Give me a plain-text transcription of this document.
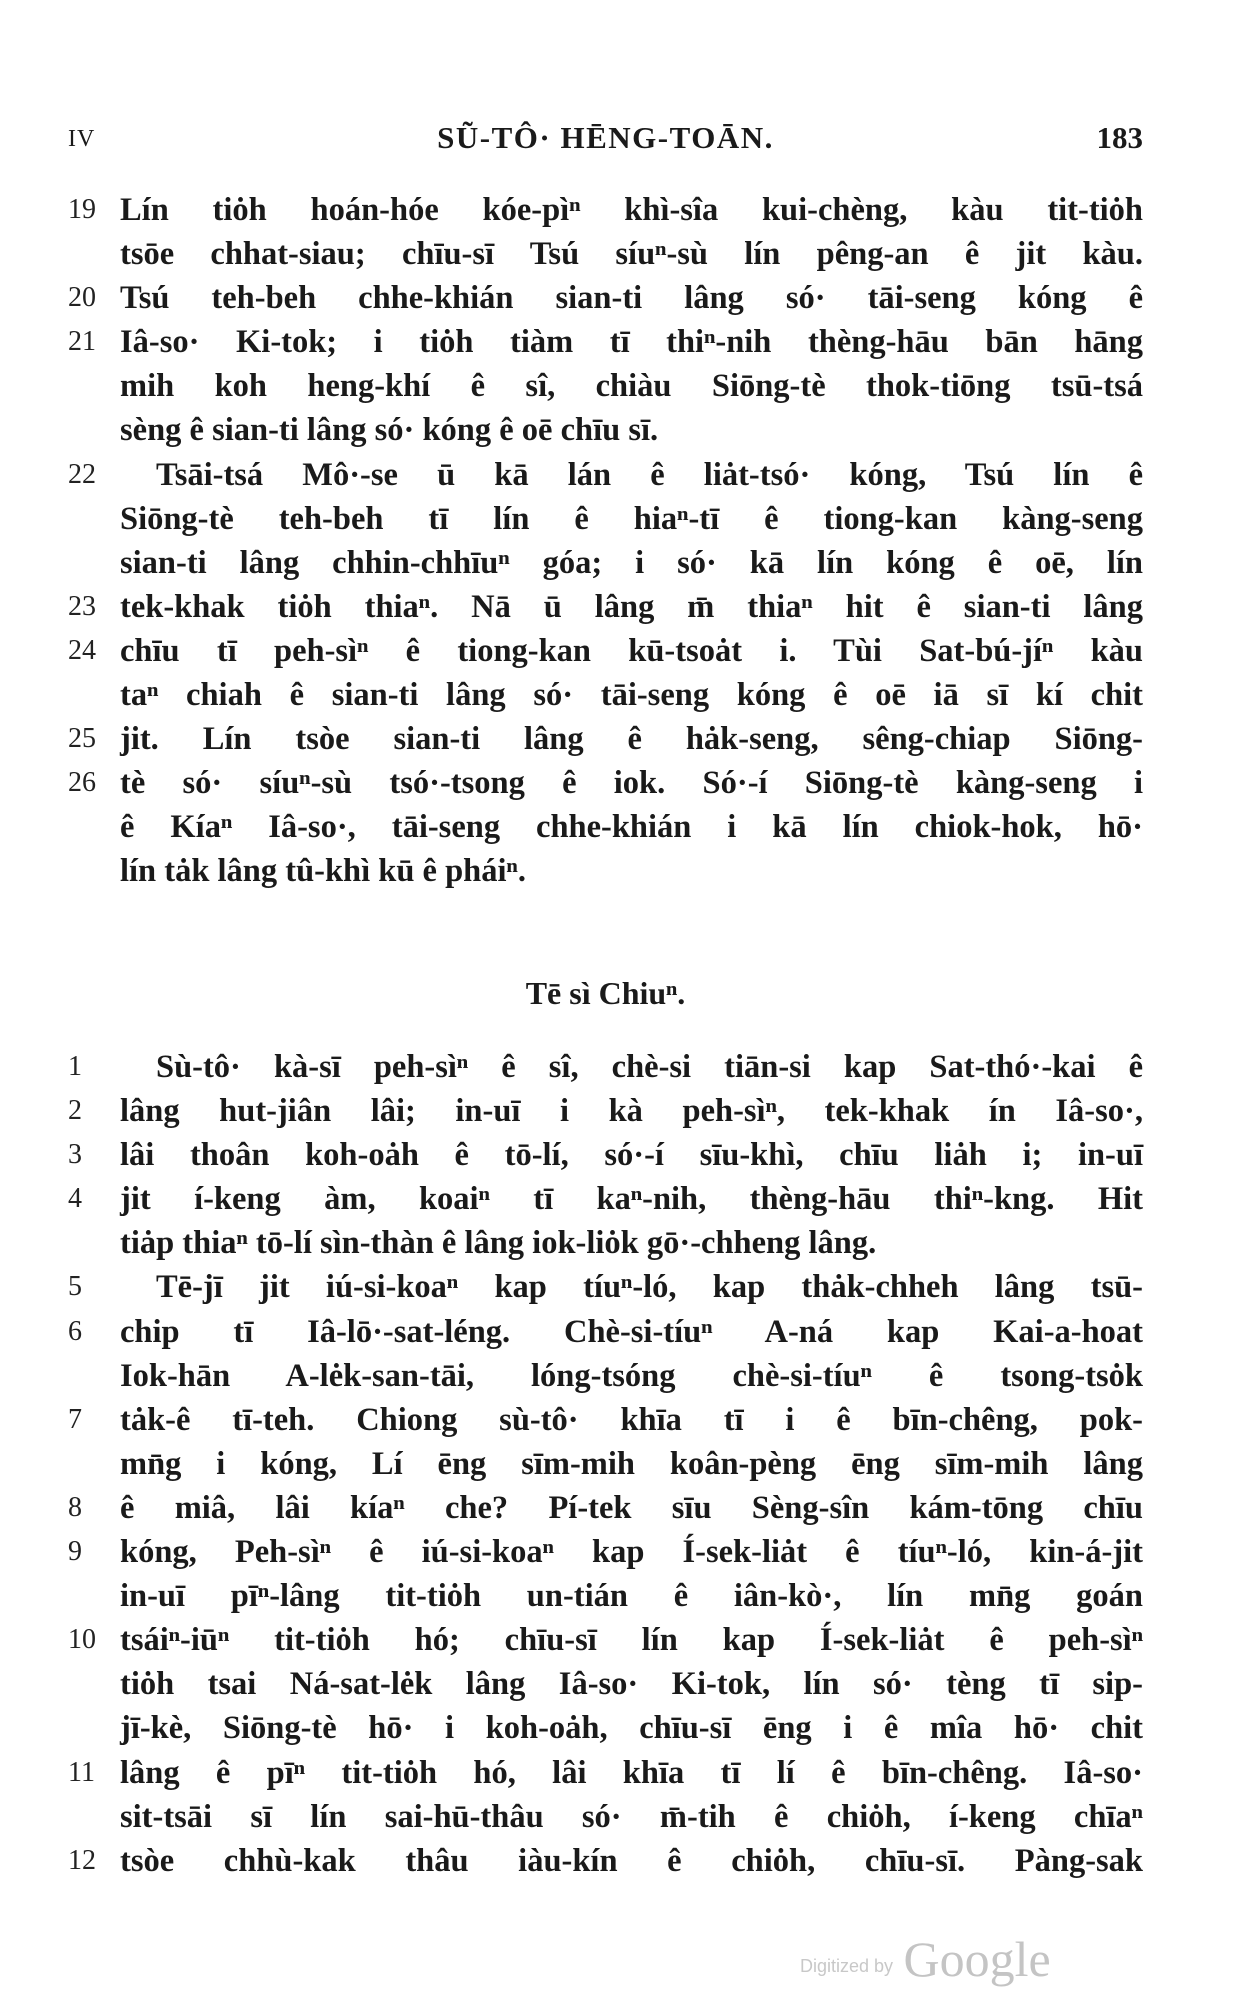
IV	SŨ-TÔ· HĒNG-TOĀN.	183
19 Lín tiȯh hoán-hóe kóe-pìⁿ khì-sîa kui-chèng, kàu tit-tiȯh
tsōe chhat-siau; chīu-sī Tsú síuⁿ-sù lín pêng-an ê jit kàu.
20 Tsú teh-beh chhe-khián sian-ti lâng só· tāi-seng kóng ê
21 Iâ-so· Ki-tok; i tiȯh tiàm tī thiⁿ-nih thèng-hāu bān hāng
mih koh heng-khí ê sî, chiàu Siōng-tè thok-tiōng tsū-tsá
sèng ê sian-ti lâng só· kóng ê oē chīu sī.
22	Tsāi-tsá Mô·-se ū kā lán ê liȧt-tsó· kóng, Tsú lín ê
Siōng-tè teh-beh tī lín ê hiaⁿ-tī ê tiong-kan kàng-seng
sian-ti lâng chhin-chhīuⁿ góa; i só· kā lín kóng ê oē, lín
23 tek-khak tiȯh thiaⁿ. Nā ū lâng m̄ thiaⁿ hit ê sian-ti lâng
24 chīu tī peh-sìⁿ ê tiong-kan kū-tsoȧt i. Tùi Sat-bú-jíⁿ kàu
taⁿ chiah ê sian-ti lâng só· tāi-seng kóng ê oē iā sī kí chit
25 jit. Lín tsòe sian-ti lâng ê hȧk-seng, sêng-chiap Siōng-
26 tè só· síuⁿ-sù tsó·-tsong ê iok. Só·-í Siōng-tè kàng-seng i
ê Kíaⁿ Iâ-so·, tāi-seng chhe-khián i kā lín chiok-hok, hō·
lín tȧk lâng tû-khì kū ê pháiⁿ.
Tē sì Chiuⁿ.
1	Sù-tô· kà-sī peh-sìⁿ ê sî, chè-si tiān-si kap Sat-thó·-kai ê
2	lâng hut-jiân lâi; in-uī i kà peh-sìⁿ, tek-khak ín Iâ-so·,
3	lâi thoân koh-oȧh ê tō-lí, só·-í sīu-khì, chīu liȧh i; in-uī
4	jit í-keng àm, koaiⁿ tī kaⁿ-nih, thèng-hāu thiⁿ-kng. Hit
tiȧp thiaⁿ tō-lí sìn-thàn ê lâng iok-liȯk gō·-chheng lâng.
5	Tē-jī jit iú-si-koaⁿ kap tíuⁿ-ló, kap thȧk-chheh lâng tsū-
6	chip tī Iâ-lō·-sat-léng. Chè-si-tíuⁿ A-ná kap Kai-a-hoat
Iok-hān A-lėk-san-tāi, lóng-tsóng chè-si-tíuⁿ ê tsong-tsȯk
7	tȧk-ê tī-teh. Chiong sù-tô· khīa tī i ê bīn-chêng, pok-
mn̄g i kóng, Lí ēng sīm-mih koân-pèng ēng sīm-mih lâng
8	ê miâ, lâi kíaⁿ che? Pí-tek sīu Sèng-sîn kám-tōng chīu
9	kóng, Peh-sìⁿ ê iú-si-koaⁿ kap Í-sek-liȧt ê tíuⁿ-ló, kin-á-jit
in-uī pīⁿ-lâng tit-tiȯh un-tián ê iân-kò·, lín mn̄g goán
10 tsáiⁿ-iūⁿ tit-tiȯh hó; chīu-sī lín kap Í-sek-liȧt ê peh-sìⁿ
tiȯh tsai Ná-sat-lėk lâng Iâ-so· Ki-tok, lín só· tèng tī sip-
jī-kè, Siōng-tè hō· i koh-oȧh, chīu-sī ēng i ê mîa hō· chit
11 lâng ê pīⁿ tit-tiȯh hó, lâi khīa tī lí ê bīn-chêng. Iâ-so·
sit-tsāi sī lín sai-hū-thâu só· m̄-tih ê chiȯh, í-keng chīaⁿ
12 tsòe chhù-kak thâu iàu-kín ê chiȯh, chīu-sī. Pàng-sak
Digitized by Google
